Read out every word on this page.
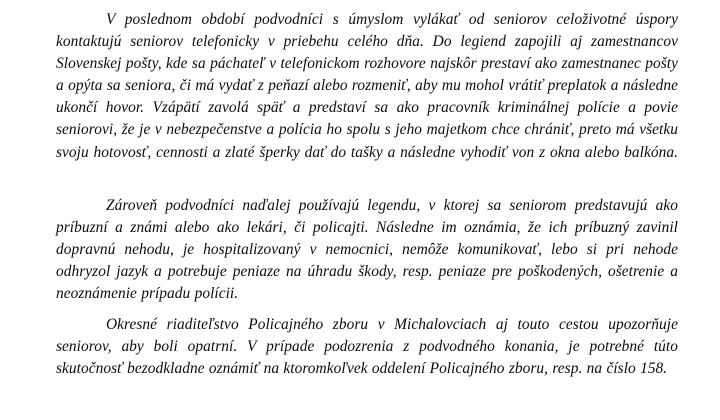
V poslednom období podvodníci s úmyslom vylákať od seniorov celoživotné úspory kontaktujú seniorov telefonicky v priebehu celého dňa. Do legiend zapojili aj zamestnancov Slovenskej pošty, kde sa páchateľ v telefonickom rozhovore najskôr prestaví ako zamestnanec pošty a opýta sa seniora, či má vydať z peňazí alebo rozmeniť, aby mu mohol vrátiť preplatok a následne ukončí hovor. Vzápätí zavolá späť a predstaví sa ako pracovník kriminálnej polície a povie seniorovi, že je v nebezpečenstve a polícia ho spolu s jeho majetkom chce chrániť, preto má všetku svoju hotovosť, cennosti a zlaté šperky dať do tašky a následne vyhodiť von z okna alebo balkóna.

Zároveň podvodníci naďalej používajú legendu, v ktorej sa seniorom predstavujú ako príbuzní a známi alebo ako lekári, či policajti. Následne im oznámia, že ich príbuzný zavinil dopravnú nehodu, je hospitalizovaný v nemocnici, nemôže komunikovať, lebo si pri nehode odhryzol jazyk a potrebuje peniaze na úhradu škody, resp. peniaze pre poškodených, ošetrenie a neoznámenie prípadu polícii.

Okresné riaditeľstvo Policajného zboru v Michalovciach aj touto cestou upozorňuje seniorov, aby boli opatrní. V prípade podozrenia z podvodného konania, je potrebné túto skutočnosť bezodkladne oznámiť na ktoromkoľvek oddelení Policajného zboru, resp. na číslo 158.
